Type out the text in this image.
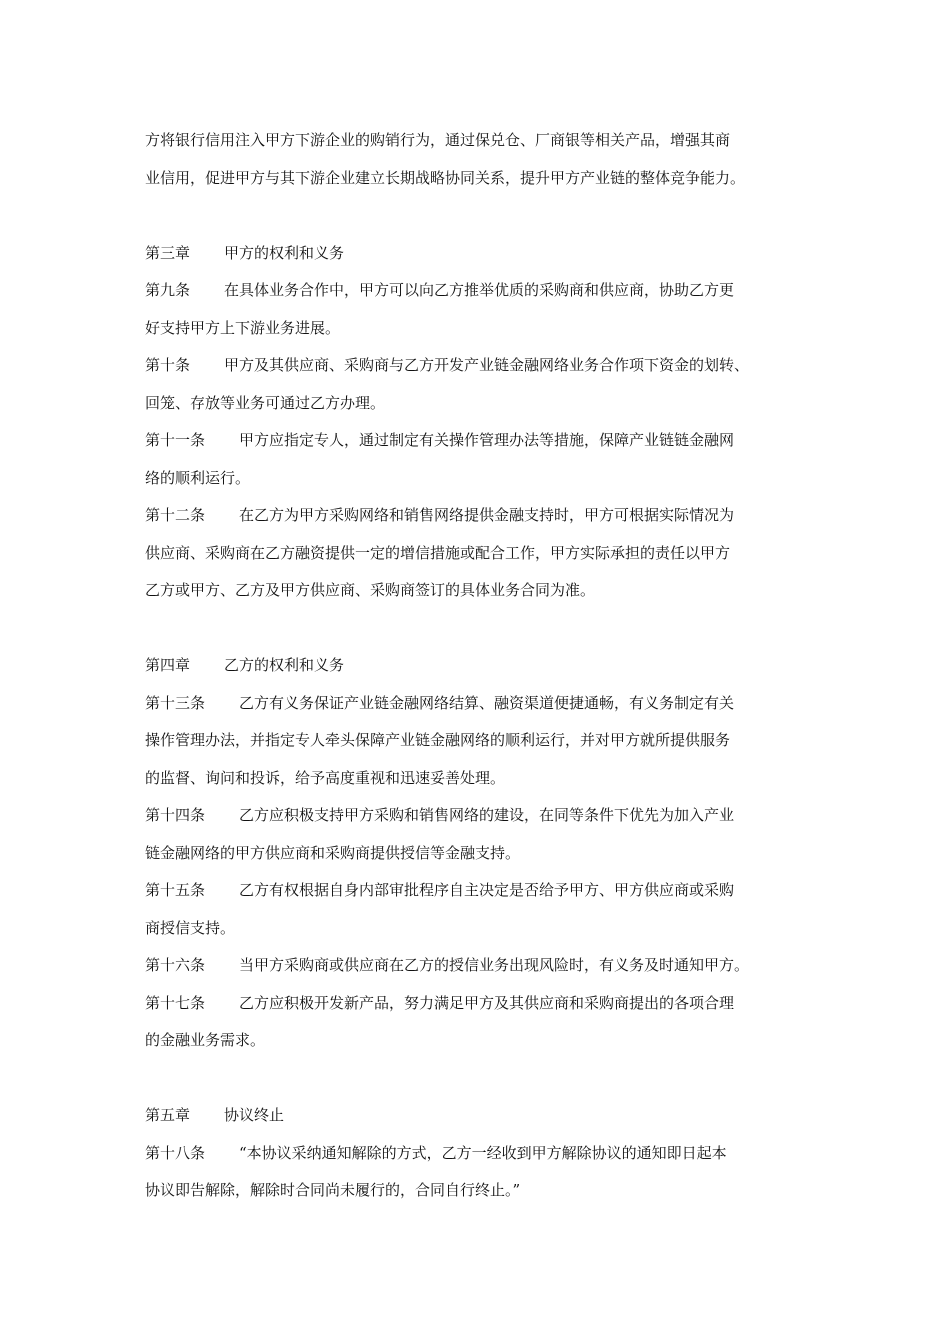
方将银行信用注入甲方下游企业的购销行为，通过保兑仓、厂商银等相关产品，增强其商
业信用，促进甲方与其下游企业建立长期战略协同关系，提升甲方产业链的整体竞争能力。
第三章 甲方的权利和义务
第九条 在具体业务合作中，甲方可以向乙方推举优质的采购商和供应商，协助乙方更
好支持甲方上下游业务进展。
第十条 甲方及其供应商、采购商与乙方开发产业链金融网络业务合作项下资金的划转、
回笼、存放等业务可通过乙方办理。
第十一条 甲方应指定专人，通过制定有关操作管理办法等措施，保障产业链链金融网
络的顺利运行。
第十二条 在乙方为甲方采购网络和销售网络提供金融支持时，甲方可根据实际情况为
供应商、采购商在乙方融资提供一定的增信措施或配合工作，甲方实际承担的责任以甲方
乙方或甲方、乙方及甲方供应商、采购商签订的具体业务合同为准。
第四章 乙方的权利和义务
第十三条 乙方有义务保证产业链金融网络结算、融资渠道便捷通畅，有义务制定有关
操作管理办法，并指定专人牵头保障产业链金融网络的顺利运行，并对甲方就所提供服务
的监督、询问和投诉，给予高度重视和迅速妥善处理。
第十四条 乙方应积极支持甲方采购和销售网络的建设，在同等条件下优先为加入产业
链金融网络的甲方供应商和采购商提供授信等金融支持。
第十五条 乙方有权根据自身内部审批程序自主决定是否给予甲方、甲方供应商或采购
商授信支持。
第十六条 当甲方采购商或供应商在乙方的授信业务出现风险时，有义务及时通知甲方。
第十七条 乙方应积极开发新产品，努力满足甲方及其供应商和采购商提出的各项合理
的金融业务需求。
第五章 协议终止
第十八条 “本协议采纳通知解除的方式，乙方一经收到甲方解除协议的通知即日起本
协议即告解除，解除时合同尚未履行的，合同自行终止。”
